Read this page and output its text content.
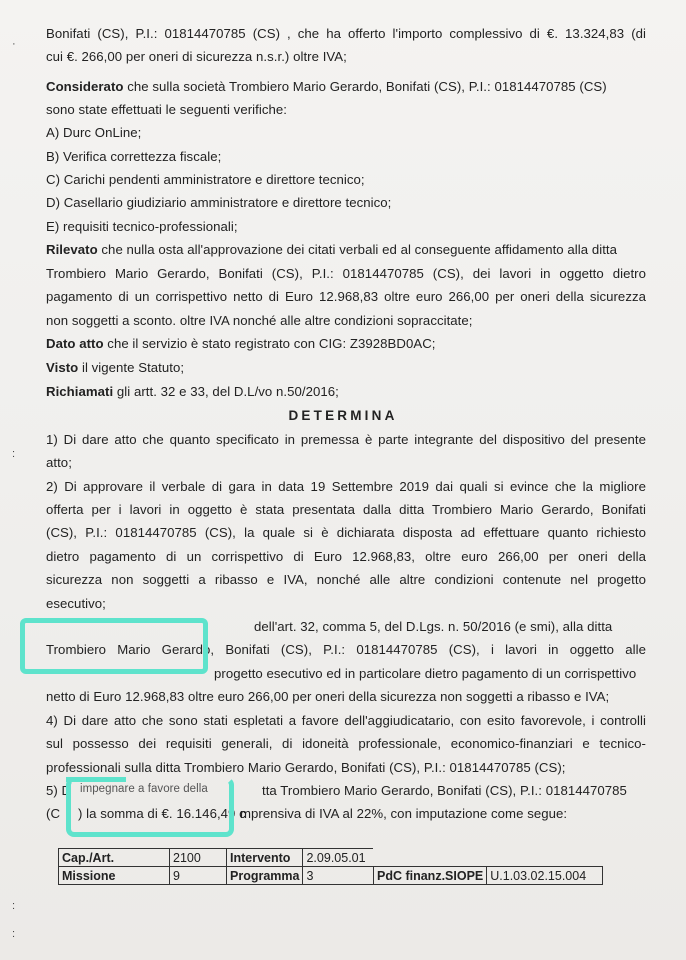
Bonifati (CS), P.I.: 01814470785 (CS) , che ha offerto l'importo complessivo di €. 13.324,83 (di
cui €. 266,00 per oneri di sicurezza n.s.r.) oltre IVA;
Considerato che sulla società Trombiero Mario Gerardo, Bonifati (CS), P.I.: 01814470785 (CS)
sono state effettuati le seguenti verifiche:
A) Durc OnLine;
B) Verifica correttezza fiscale;
C) Carichi pendenti amministratore e direttore tecnico;
D) Casellario giudiziario amministratore e direttore tecnico;
E) requisiti tecnico-professionali;
Rilevato che nulla osta all'approvazione dei citati verbali ed al conseguente affidamento alla ditta
Trombiero Mario Gerardo, Bonifati (CS), P.I.: 01814470785 (CS), dei lavori in oggetto dietro
pagamento di un corrispettivo netto di Euro 12.968,83 oltre euro 266,00 per oneri della sicurezza
non soggetti a sconto. oltre IVA nonché alle altre condizioni sopraccitate;
Dato atto che il servizio è stato registrato con CIG: Z3928BD0AC;
Visto il vigente Statuto;
Richiamati gli artt. 32 e 33, del D.L/vo n.50/2016;
DETERMINA
1) Di dare atto che quanto specificato in premessa è parte integrante del dispositivo del presente
atto;
2) Di approvare il verbale di gara in data 19 Settembre 2019 dai quali si evince che la migliore
offerta per i lavori in oggetto è stata presentata dalla ditta Trombiero Mario Gerardo, Bonifati
(CS), P.I.: 01814470785 (CS), la quale si è dichiarata disposta ad effettuare quanto richiesto
dietro pagamento di un corrispettivo di Euro 12.968,83, oltre euro 266,00 per oneri della
sicurezza non soggetti a ribasso e IVA, nonché alle altre condizioni contenute nel progetto
esecutivo;
dell'art. 32, comma 5, del D.Lgs. n. 50/2016 (e smi), alla ditta
Trombiero Mario Gerardo, Bonifati (CS), P.I.: 01814470785 (CS), i lavori in oggetto alle
progetto esecutivo ed in particolare dietro pagamento di un corrispettivo
netto di Euro 12.968,83 oltre euro 266,00 per oneri della sicurezza non soggetti a ribasso e IVA;
4) Di dare atto che sono stati espletati a favore dell'aggiudicatario, con esito favorevole, i controlli
sul possesso dei requisiti generali, di idoneità professionale, economico-finanziari e tecnico-
professionali sulla ditta Trombiero Mario Gerardo, Bonifati (CS), P.I.: 01814470785 (CS);
5) D impegnare a favore della	tta Trombiero Mario Gerardo, Bonifati (CS), P.I.: 01814470785
(C	) la somma di €. 16.146,49 c
mprensiva di IVA al 22%, con imputazione come segue:
Cap./Art.	2100	Intervento	2.09.05.01		
Missione	9	Programma	3	PdC finanz.SIOPE	U.1.03.02.15.004
·
:
:
:
